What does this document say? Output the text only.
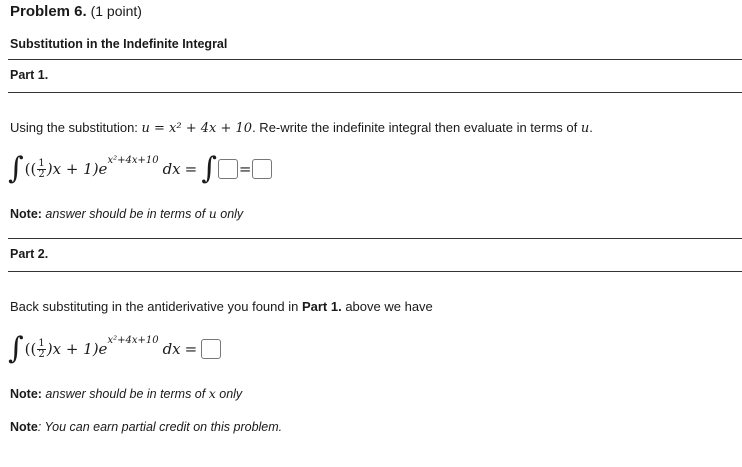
Problem 6. (1 point)
Substitution in the Indefinite Integral
Part 1.
Using the substitution: u = x² + 4x + 10. Re-write the indefinite integral then evaluate in terms of u.
∫ (( $\frac{1}{2} )x + 1)e$ x²+4x+10 dx = ∫ =
Note: answer should be in terms of u only
Part 2.
Back substituting in the antiderivative you found in Part 1. above we have
∫ (( $\frac{1}{2} )x + 1)e$ x²+4x+10 dx =
Note: answer should be in terms of x only
Note: You can earn partial credit on this problem.
